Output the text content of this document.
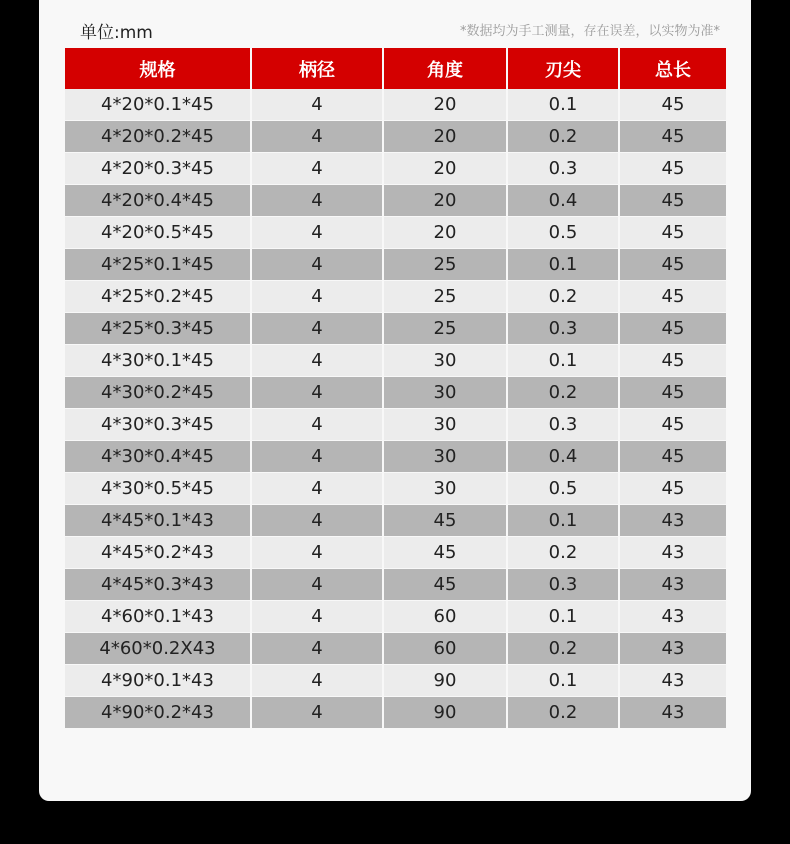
单位:mm	*数据均为手工测量，存在误差，以实物为准*
规格	柄径	角度	刃尖	总长
4*20*0.1*45	4	20	0.1	45
4*20*0.2*45	4	20	0.2	45
4*20*0.3*45	4	20	0.3	45
4*20*0.4*45	4	20	0.4	45
4*20*0.5*45	4	20	0.5	45
4*25*0.1*45	4	25	0.1	45
4*25*0.2*45	4	25	0.2	45
4*25*0.3*45	4	25	0.3	45
4*30*0.1*45	4	30	0.1	45
4*30*0.2*45	4	30	0.2	45
4*30*0.3*45	4	30	0.3	45
4*30*0.4*45	4	30	0.4	45
4*30*0.5*45	4	30	0.5	45
4*45*0.1*43	4	45	0.1	43
4*45*0.2*43	4	45	0.2	43
4*45*0.3*43	4	45	0.3	43
4*60*0.1*43	4	60	0.1	43
4*60*0.2X43	4	60	0.2	43
4*90*0.1*43	4	90	0.1	43
4*90*0.2*43	4	90	0.2	43
